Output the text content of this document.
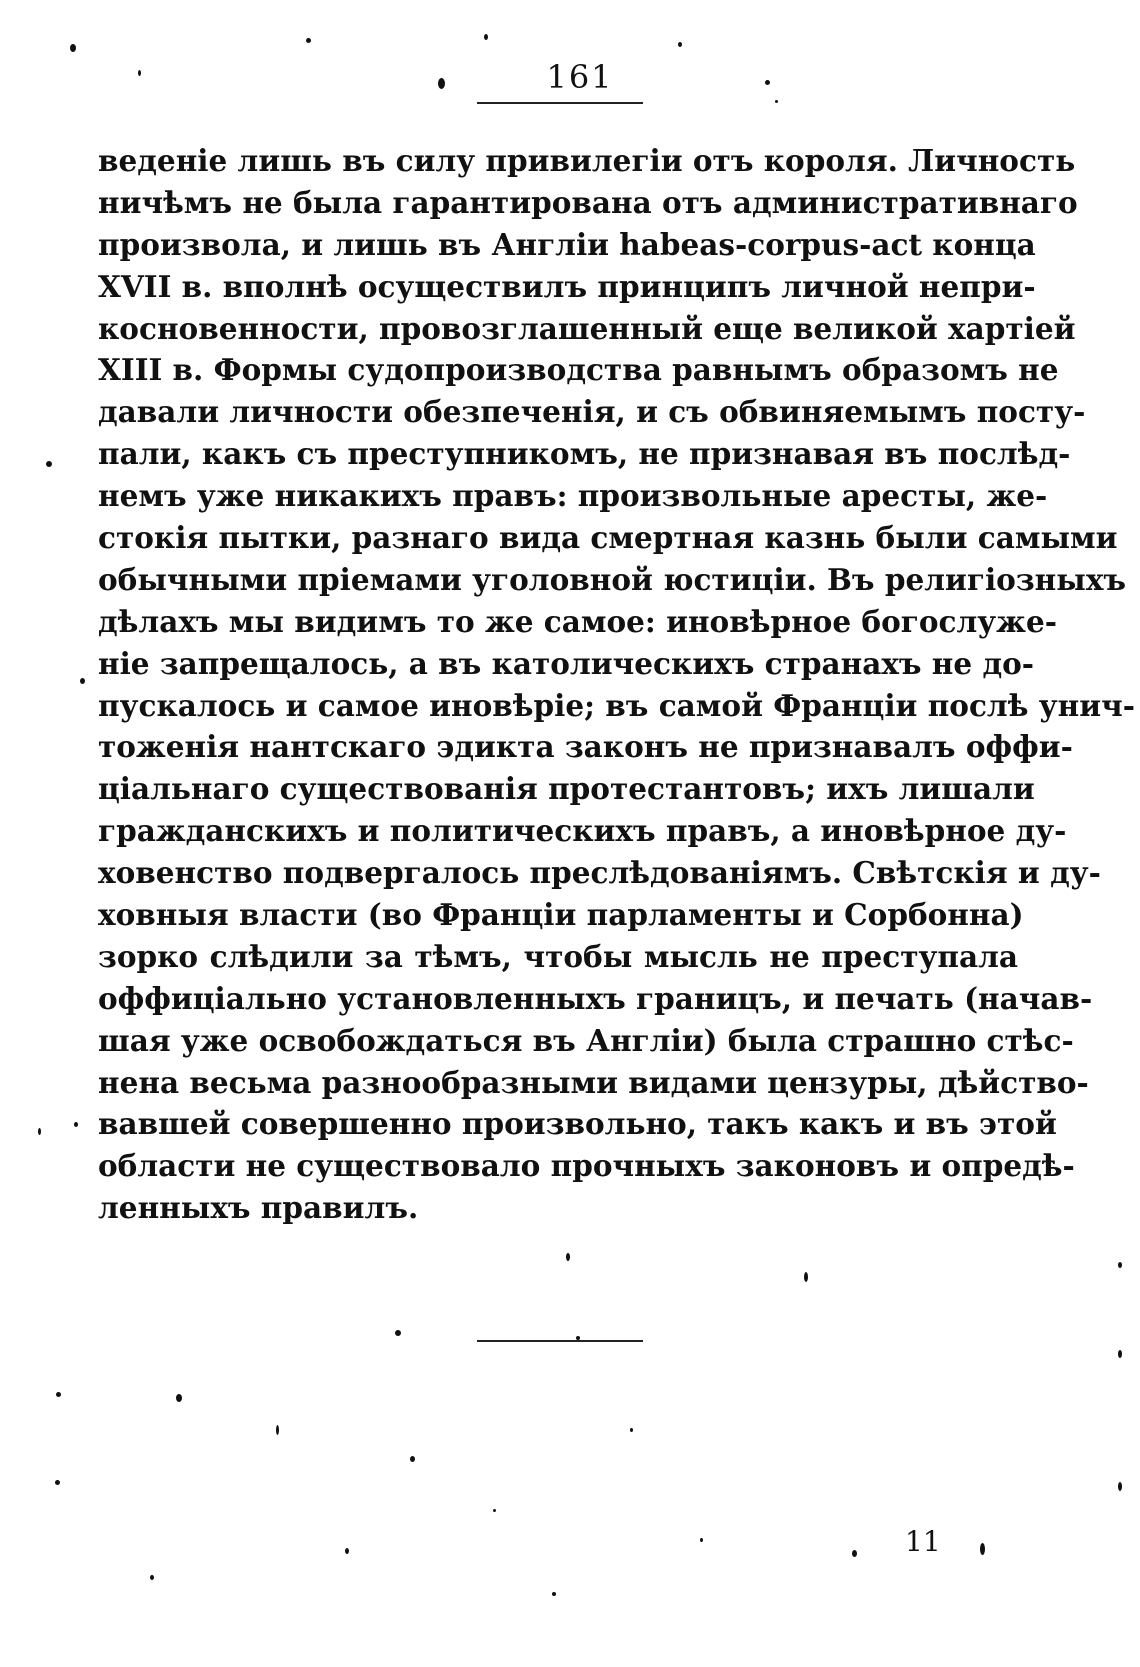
161
веденіе лишь въ силу привилегіи отъ короля. Личность
ничѣмъ не была гарантирована отъ административнаго
произвола, и лишь въ Англіи habeas-corpus-act конца
XVII в. вполнѣ осуществилъ принципъ личной непри-
косновенности, провозглашенный еще великой хартіей
XIII в. Формы судопроизводства равнымъ образомъ не
давали личности обезпеченія, и съ обвиняемымъ посту-
пали, какъ съ преступникомъ, не признавая въ послѣд-
немъ уже никакихъ правъ: произвольные аресты, же-
стокія пытки, разнаго вида смертная казнь были самыми
обычными пріемами уголовной юстиціи. Въ религіозныхъ
дѣлахъ мы видимъ то же самое: иновѣрное богослуже-
ніе запрещалось, а въ католическихъ странахъ не до-
пускалось и самое иновѣріе; въ самой Франціи послѣ унич-
тоженія нантскаго эдикта законъ не признавалъ оффи-
ціальнаго существованія протестантовъ; ихъ лишали
гражданскихъ и политическихъ правъ, а иновѣрное ду-
ховенство подвергалось преслѣдованіямъ. Свѣтскія и ду-
ховныя власти (во Франціи парламенты и Сорбонна)
зорко слѣдили за тѣмъ, чтобы мысль не преступала
оффиціально установленныхъ границъ, и печать (начав-
шая уже освобождаться въ Англіи) была страшно стѣс-
нена весьма разнообразными видами цензуры, дѣйство-
вавшей совершенно произвольно, такъ какъ и въ этой
области не существовало прочныхъ законовъ и опредѣ-
ленныхъ правилъ.
11
